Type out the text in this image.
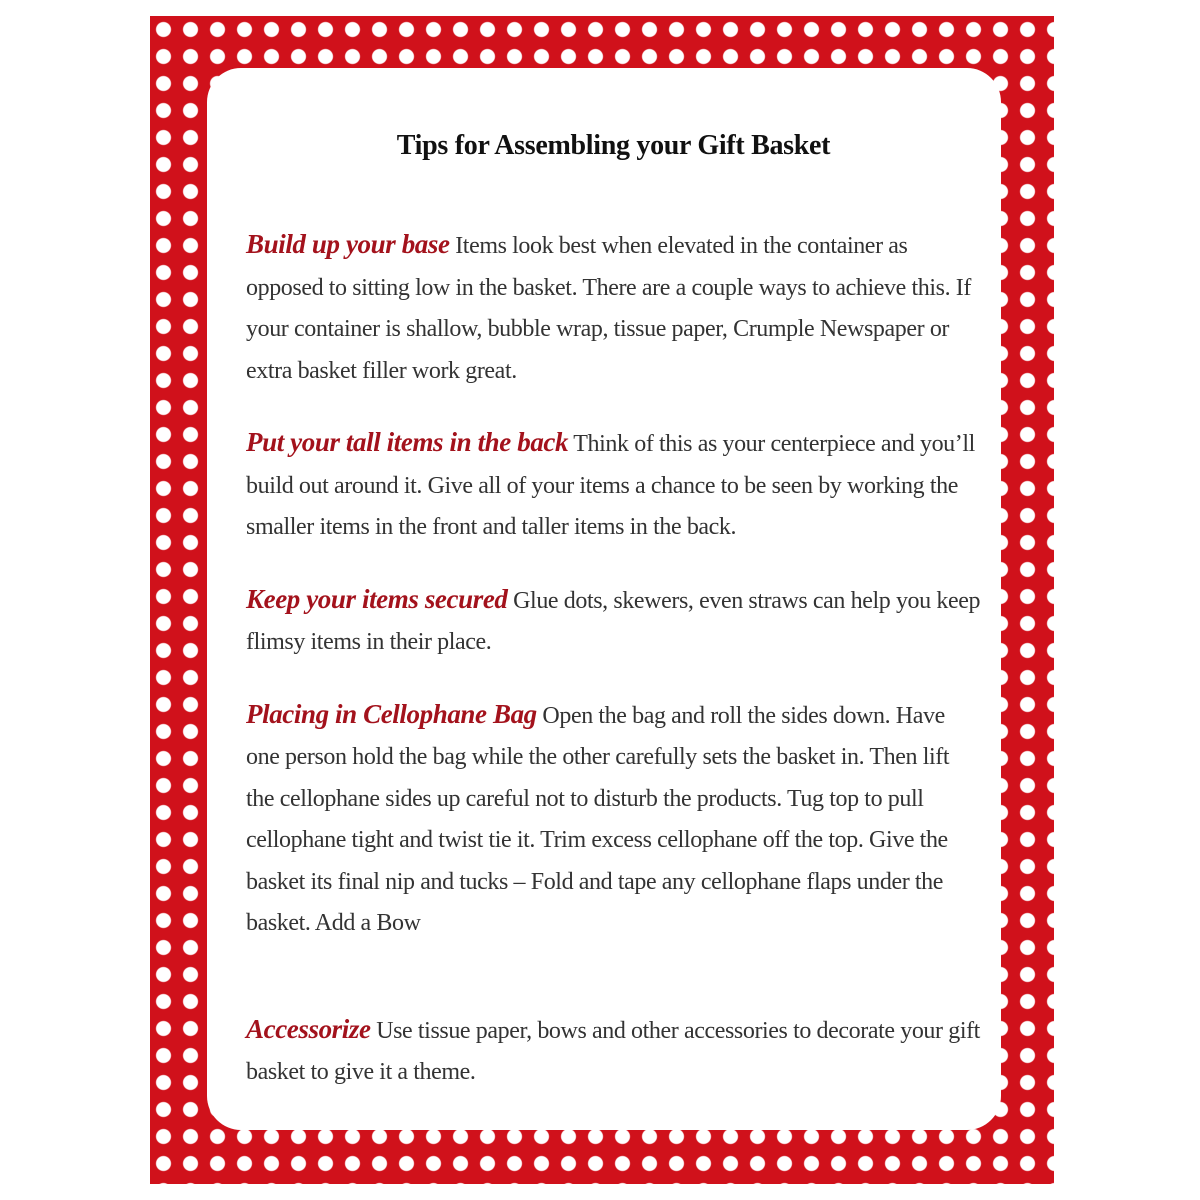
Tips for Assembling your Gift Basket

Build up your base Items look best when elevated in the container as opposed to sitting low in the basket. There are a couple ways to achieve this. If your container is shallow, bubble wrap, tissue paper, Crumple Newspaper or extra basket filler work great.

Put your tall items in the back Think of this as your centerpiece and you’ll build out around it. Give all of your items a chance to be seen by working the smaller items in the front and taller items in the back.

Keep your items secured Glue dots, skewers, even straws can help you keep flimsy items in their place.

Placing in Cellophane Bag Open the bag and roll the sides down. Have one person hold the bag while the other carefully sets the basket in. Then lift the cellophane sides up careful not to disturb the products. Tug top to pull cellophane tight and twist tie it. Trim excess cellophane off the top. Give the basket its final nip and tucks – Fold and tape any cellophane flaps under the basket. Add a Bow

Accessorize Use tissue paper, bows and other accessories to decorate your gift basket to give it a theme.
